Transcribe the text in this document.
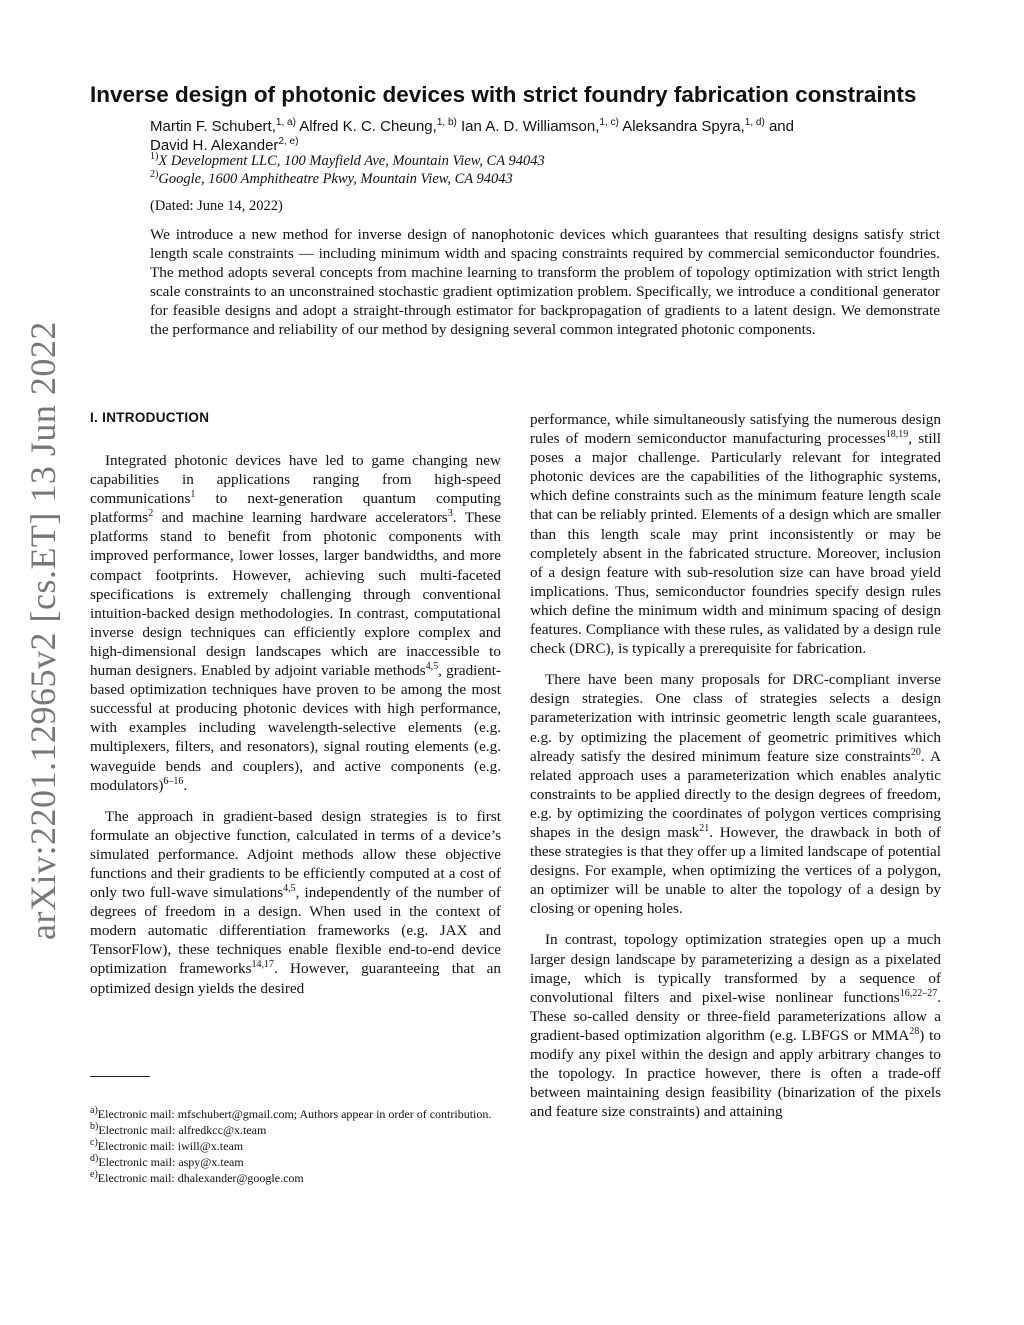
arXiv:2201.12965v2 [cs.ET] 13 Jun 2022
Inverse design of photonic devices with strict foundry fabrication constraints
Martin F. Schubert,$^{1, a)}$ Alfred K. C. Cheung,$^{1, b)}$ Ian A. D. Williamson,$^{1, c)}$ Aleksandra Spyra,$^{1, d)}$ and
David H. Alexander$^{2, e)}$
$^{1)}$X Development LLC, 100 Mayfield Ave, Mountain View, CA 94043
$^{2)}$Google, 1600 Amphitheatre Pkwy, Mountain View, CA 94043
(Dated: June 14, 2022)
We introduce a new method for inverse design of nanophotonic devices which guarantees that resulting designs satisfy strict length scale constraints — including minimum width and spacing constraints required by commercial semiconductor foundries. The method adopts several concepts from machine learning to transform the problem of topology optimization with strict length scale constraints to an unconstrained stochastic gradient optimization problem. Specifically, we introduce a conditional generator for feasible designs and adopt a straight-through estimator for backpropagation of gradients to a latent design. We demonstrate the performance and reliability of our method by designing several common integrated photonic components.
I. INTRODUCTION

Integrated photonic devices have led to game changing new capabilities in applications ranging from high-speed communications$^1$ to next-generation quantum computing platforms$^2$ and machine learning hardware accelerators$^3$. These platforms stand to benefit from photonic components with improved performance, lower losses, larger bandwidths, and more compact footprints. However, achieving such multi-faceted specifications is extremely challenging through conventional intuition-backed design methodologies. In contrast, computational inverse design techniques can efficiently explore complex and high-dimensional design landscapes which are inaccessible to human designers. Enabled by adjoint variable methods$^{4,5}$, gradient-based optimization techniques have proven to be among the most successful at producing photonic devices with high performance, with examples including wavelength-selective elements (e.g. multiplexers, filters, and resonators), signal routing elements (e.g. waveguide bends and couplers), and active components (e.g. modulators)$^{6-16}$.

The approach in gradient-based design strategies is to first formulate an objective function, calculated in terms of a device’s simulated performance. Adjoint methods allow these objective functions and their gradients to be efficiently computed at a cost of only two full-wave simulations$^{4,5}$, independently of the number of degrees of freedom in a design. When used in the context of modern automatic differentiation frameworks (e.g. JAX and TensorFlow), these techniques enable flexible end-to-end device optimization frameworks$^{14,17}$. However, guaranteeing that an optimized design yields the desired

performance, while simultaneously satisfying the numerous design rules of modern semiconductor manufacturing processes$^{18,19}$, still poses a major challenge. Particularly relevant for integrated photonic devices are the capabilities of the lithographic systems, which define constraints such as the minimum feature length scale that can be reliably printed. Elements of a design which are smaller than this length scale may print inconsistently or may be completely absent in the fabricated structure. Moreover, inclusion of a design feature with sub-resolution size can have broad yield implications. Thus, semiconductor foundries specify design rules which define the minimum width and minimum spacing of design features. Compliance with these rules, as validated by a design rule check (DRC), is typically a prerequisite for fabrication.

There have been many proposals for DRC-compliant inverse design strategies. One class of strategies selects a design parameterization with intrinsic geometric length scale guarantees, e.g. by optimizing the placement of geometric primitives which already satisfy the desired minimum feature size constraints$^{20}$. A related approach uses a parameterization which enables analytic constraints to be applied directly to the design degrees of freedom, e.g. by optimizing the coordinates of polygon vertices comprising shapes in the design mask$^{21}$. However, the drawback in both of these strategies is that they offer up a limited landscape of potential designs. For example, when optimizing the vertices of a polygon, an optimizer will be unable to alter the topology of a design by closing or opening holes.

In contrast, topology optimization strategies open up a much larger design landscape by parameterizing a design as a pixelated image, which is typically transformed by a sequence of convolutional filters and pixel-wise nonlinear functions$^{16,22-27}$. These so-called density or three-field parameterizations allow a gradient-based optimization algorithm (e.g. LBFGS or MMA$^{28}$) to modify any pixel within the design and apply arbitrary changes to the topology. In practice however, there is often a trade-off between maintaining design feasibility (binarization of the pixels and feature size constraints) and attaining

$^{a)}$Electronic mail: mfschubert@gmail.com; Authors appear in order of contribution.

$^{b)}$Electronic mail: alfredkcc@x.team

$^{c)}$Electronic mail: iwill@x.team

$^{d)}$Electronic mail: aspy@x.team

$^{e)}$Electronic mail: dhalexander@google.com
